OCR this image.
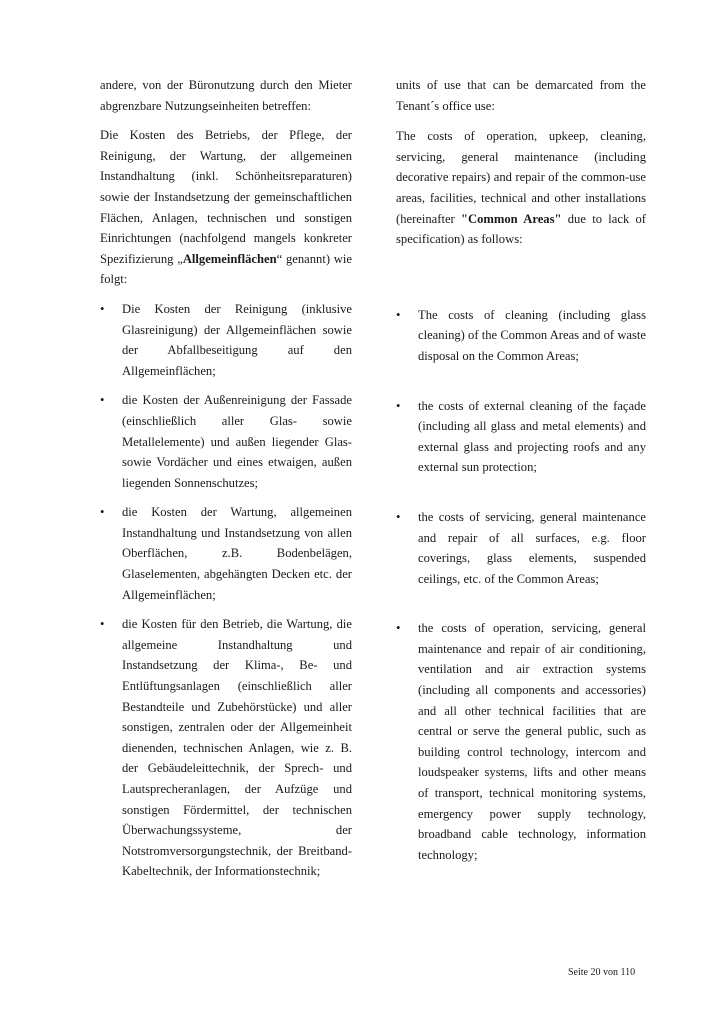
andere, von der Büronutzung durch den Mieter abgrenzbare Nutzungseinheiten betreffen:

Die Kosten des Betriebs, der Pflege, der Reinigung, der Wartung, der allgemeinen Instandhaltung (inkl. Schönheitsreparaturen) sowie der Instandsetzung der gemeinschaftlichen Flächen, Anlagen, technischen und sonstigen Einrichtungen (nachfolgend mangels konkreter Spezifizierung „Allgemeinflächen“ genannt) wie folgt:

•	Die Kosten der Reinigung (inklusive Glasreinigung) der Allgemeinflächen sowie der Abfallbeseitigung auf den Allgemeinflächen;
•	die Kosten der Außenreinigung der Fassade (einschließlich aller Glas- sowie Metallelemente) und außen liegender Glas- sowie Vordächer und eines etwaigen, außen liegenden Sonnenschutzes;
•	die Kosten der Wartung, allgemeinen Instandhaltung und Instandsetzung von allen Oberflächen, z.B. Bodenbelägen, Glaselementen, abgehängten Decken etc. der Allgemeinflächen;
•	die Kosten für den Betrieb, die Wartung, die allgemeine Instandhaltung und Instandsetzung der Klima-, Be- und Entlüftungsanlagen (einschließlich aller Bestandteile und Zubehörstücke) und aller sonstigen, zentralen oder der Allgemeinheit dienenden, technischen Anlagen, wie z. B. der Gebäudeleittechnik, der Sprech- und Lautsprecheranlagen, der Aufzüge und sonstigen Fördermittel, der technischen Überwachungssysteme, der Notstromversorgungstechnik, der Breitband-Kabeltechnik, der Informationstechnik;

units of use that can be demarcated from the Tenant´s office use:

The costs of operation, upkeep, cleaning, servicing, general maintenance (including decorative repairs) and repair of the common-use areas, facilities, technical and other installations (hereinafter "Common Areas" due to lack of specification) as follows:

•	The costs of cleaning (including glass cleaning) of the Common Areas and of waste disposal on the Common Areas;
•	the costs of external cleaning of the façade (including all glass and metal elements) and external glass and projecting roofs and any external sun protection;
•	the costs of servicing, general maintenance and repair of all surfaces, e.g. floor coverings, glass elements, suspended ceilings, etc. of the Common Areas;
•	the costs of operation, servicing, general maintenance and repair of air conditioning, ventilation and air extraction systems (including all components and accessories) and all other technical facilities that are central or serve the general public, such as building control technology, intercom and loudspeaker systems, lifts and other means of transport, technical monitoring systems, emergency power supply technology, broadband cable technology, information technology;
Seite 20 von 110
